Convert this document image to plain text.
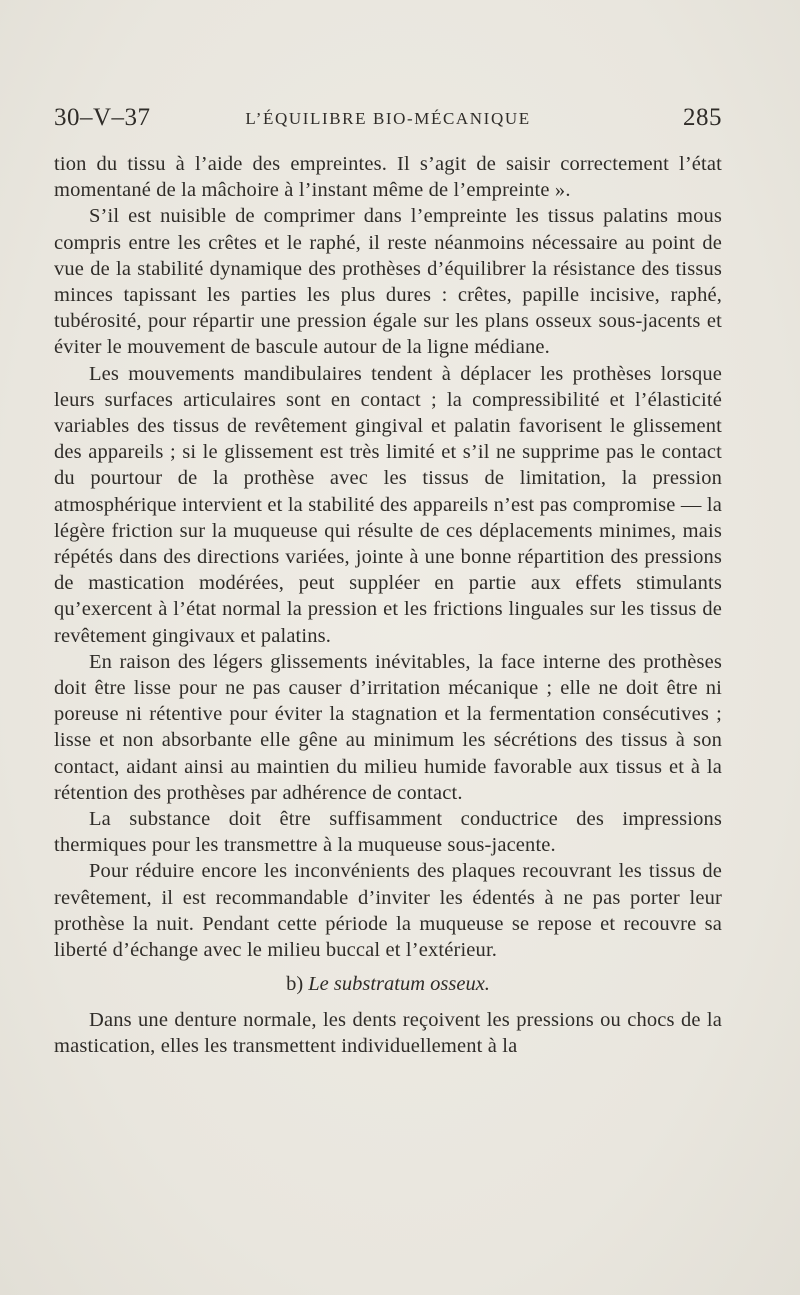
30–V–37	L’ÉQUILIBRE BIO-MÉCANIQUE	285

tion du tissu à l’aide des empreintes. Il s’agit de saisir correctement l’état momentané de la mâchoire à l’instant même de l’empreinte ».

S’il est nuisible de comprimer dans l’empreinte les tissus palatins mous compris entre les crêtes et le raphé, il reste néanmoins nécessaire au point de vue de la stabilité dynamique des prothèses d’équilibrer la résistance des tissus minces tapissant les parties les plus dures : crêtes, papille incisive, raphé, tubérosité, pour répartir une pression égale sur les plans osseux sous-jacents et éviter le mouvement de bascule autour de la ligne médiane.

Les mouvements mandibulaires tendent à déplacer les prothèses lorsque leurs surfaces articulaires sont en contact ; la compressibilité et l’élasticité variables des tissus de revêtement gingival et palatin favorisent le glissement des appareils ; si le glissement est très limité et s’il ne supprime pas le contact du pourtour de la prothèse avec les tissus de limitation, la pression atmosphérique intervient et la stabilité des appareils n’est pas compromise — la légère friction sur la muqueuse qui résulte de ces déplacements minimes, mais répétés dans des directions variées, jointe à une bonne répartition des pressions de mastication modérées, peut suppléer en partie aux effets stimulants qu’exercent à l’état normal la pression et les frictions linguales sur les tissus de revêtement gingivaux et palatins.

En raison des légers glissements inévitables, la face interne des prothèses doit être lisse pour ne pas causer d’irritation mécanique ; elle ne doit être ni poreuse ni rétentive pour éviter la stagnation et la fermentation consécutives ; lisse et non absorbante elle gêne au minimum les sécrétions des tissus à son contact, aidant ainsi au maintien du milieu humide favorable aux tissus et à la rétention des prothèses par adhérence de contact.

La substance doit être suffisamment conductrice des impressions thermiques pour les transmettre à la muqueuse sous-jacente.

Pour réduire encore les inconvénients des plaques recouvrant les tissus de revêtement, il est recommandable d’inviter les édentés à ne pas porter leur prothèse la nuit. Pendant cette période la muqueuse se repose et recouvre sa liberté d’échange avec le milieu buccal et l’extérieur.

b) Le substratum osseux.

Dans une denture normale, les dents reçoivent les pressions ou chocs de la mastication, elles les transmettent individuellement à la
